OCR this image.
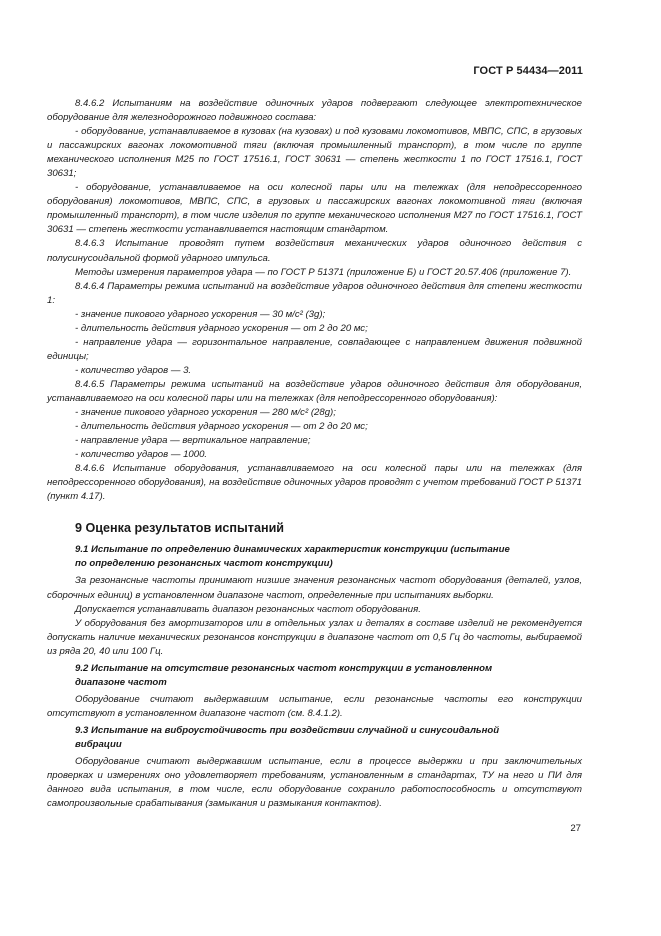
ГОСТ Р 54434—2011

8.4.6.2 Испытаниям на воздействие одиночных ударов подвергают следующее электротехническое оборудование для железнодорожного подвижного состава:

- оборудование, устанавливаемое в кузовах (на кузовах) и под кузовами локомотивов, МВПС, СПС, в грузовых и пассажирских вагонах локомотивной тяги (включая промышленный транспорт), в том числе по группе механического исполнения М25 по ГОСТ 17516.1, ГОСТ 30631 — степень жесткости 1 по ГОСТ 17516.1, ГОСТ 30631;

- оборудование, устанавливаемое на оси колесной пары или на тележках (для неподрессоренного оборудования) локомотивов, МВПС, СПС, в грузовых и пассажирских вагонах локомотивной тяги (включая промышленный транспорт), в том числе изделия по группе механического исполнения М27 по ГОСТ 17516.1, ГОСТ 30631 — степень жесткости устанавливается настоящим стандартом.

8.4.6.3 Испытание проводят путем воздействия механических ударов одиночного действия с полусинусоидальной формой ударного импульса.

Методы измерения параметров удара — по ГОСТ Р 51371 (приложение Б) и ГОСТ 20.57.406 (приложение 7).

8.4.6.4 Параметры режима испытаний на воздействие ударов одиночного действия для степени жесткости 1:

- значение пикового ударного ускорения — 30 м/с² (3g);

- длительность действия ударного ускорения — от 2 до 20 мс;

- направление удара — горизонтальное направление, совпадающее с направлением движения подвижной единицы;

- количество ударов — 3.

8.4.6.5 Параметры режима испытаний на воздействие ударов одиночного действия для оборудования, устанавливаемого на оси колесной пары или на тележках (для неподрессоренного оборудования):

- значение пикового ударного ускорения — 280 м/с² (28g);

- длительность действия ударного ускорения — от 2 до 20 мс;

- направление удара — вертикальное направление;

- количество ударов — 1000.

8.4.6.6 Испытание оборудования, устанавливаемого на оси колесной пары или на тележках (для неподрессоренного оборудования), на воздействие одиночных ударов проводят с учетом требований ГОСТ Р 51371 (пункт 4.17).

9 Оценка результатов испытаний

9.1 Испытание по определению динамических характеристик конструкции (испытание
по определению резонансных частот конструкции)

За резонансные частоты принимают низшие значения резонансных частот оборудования (деталей, узлов, сборочных единиц) в установленном диапазоне частот, определенные при испытаниях выборки.

Допускается устанавливать диапазон резонансных частот оборудования.

У оборудования без амортизаторов или в отдельных узлах и деталях в составе изделий не рекомендуется допускать наличие механических резонансов конструкции в диапазоне частот от 0,5 Гц до частоты, выбираемой из ряда 20, 40 или 100 Гц.

9.2 Испытание на отсутствие резонансных частот конструкции в установленном
диапазоне частот

Оборудование считают выдержавшим испытание, если резонансные частоты его конструкции отсутствуют в установленном диапазоне частот (см. 8.4.1.2).

9.3 Испытание на виброустойчивость при воздействии случайной и синусоидальной
вибрации

Оборудование считают выдержавшим испытание, если в процессе выдержки и при заключительных проверках и измерениях оно удовлетворяет требованиям, установленным в стандартах, ТУ на него и ПИ для данного вида испытания, в том числе, если оборудование сохранило работоспособность и отсутствуют самопроизвольные срабатывания (замыкания и размыкания контактов).

27
